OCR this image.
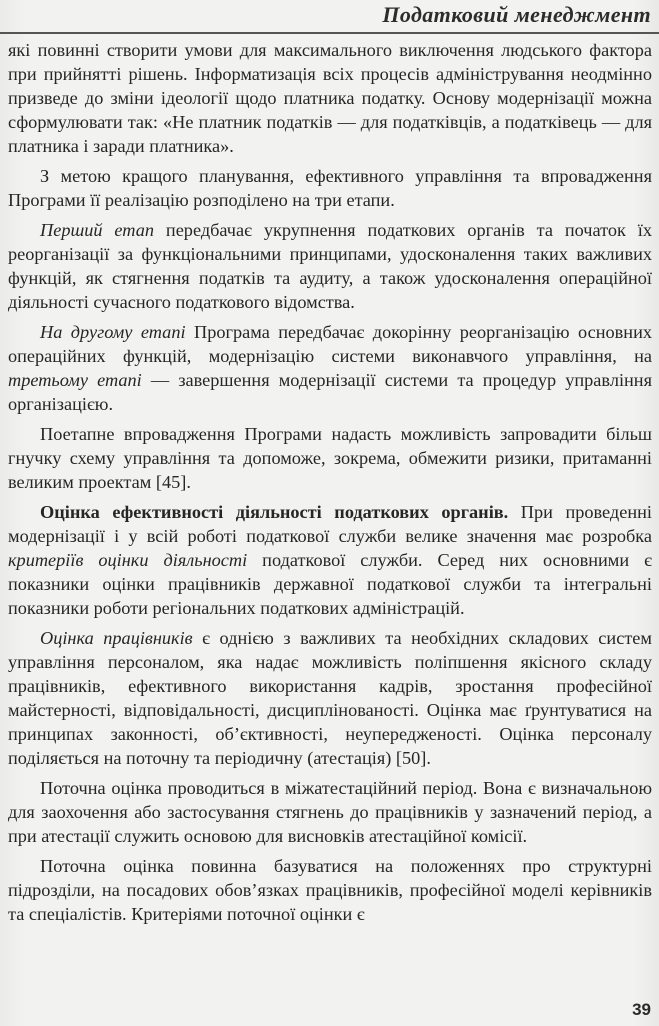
Податковий менеджмент

які повинні створити умови для максимального виключення людського фактора при прийнятті рішень. Інформатизація всіх процесів адміністрування неодмінно призведе до зміни ідеології щодо платника податку. Основу модернізації можна сформулювати так: «Не платник податків — для податківців, а податківець — для платника і заради платника».

З метою кращого планування, ефективного управління та впровадження Програми її реалізацію розподілено на три етапи.

Перший етап передбачає укрупнення податкових органів та початок їх реорганізації за функціональними принципами, удосконалення таких важливих функцій, як стягнення податків та аудиту, а також удосконалення операційної діяльності сучасного податкового відомства.

На другому етапі Програма передбачає докорінну реорганізацію основних операційних функцій, модернізацію системи виконавчого управління, на третьому етапі — завершення модернізації системи та процедур управління організацією.

Поетапне впровадження Програми надасть можливість запровадити більш гнучку схему управління та допоможе, зокрема, обмежити ризики, притаманні великим проектам [45].

Оцінка ефективності діяльності податкових органів. При проведенні модернізації і у всій роботі податкової служби велике значення має розробка критеріїв оцінки діяльності податкової служби. Серед них основними є показники оцінки працівників державної податкової служби та інтегральні показники роботи регіональних податкових адміністрацій.

Оцінка працівників є однією з важливих та необхідних складових систем управління персоналом, яка надає можливість поліпшення якісного складу працівників, ефективного використання кадрів, зростання професійної майстерності, відповідальності, дисциплінованості. Оцінка має ґрунтуватися на принципах законності, об’єктивності, неупередженості. Оцінка персоналу поділяється на поточну та періодичну (атестація) [50].

Поточна оцінка проводиться в міжатестаційний період. Вона є визначальною для заохочення або застосування стягнень до працівників у зазначений період, а при атестації служить основою для висновків атестаційної комісії.

Поточна оцінка повинна базуватися на положеннях про структурні підрозділи, на посадових обов’язках працівників, професійної моделі керівників та спеціалістів. Критеріями поточної оцінки є

39
